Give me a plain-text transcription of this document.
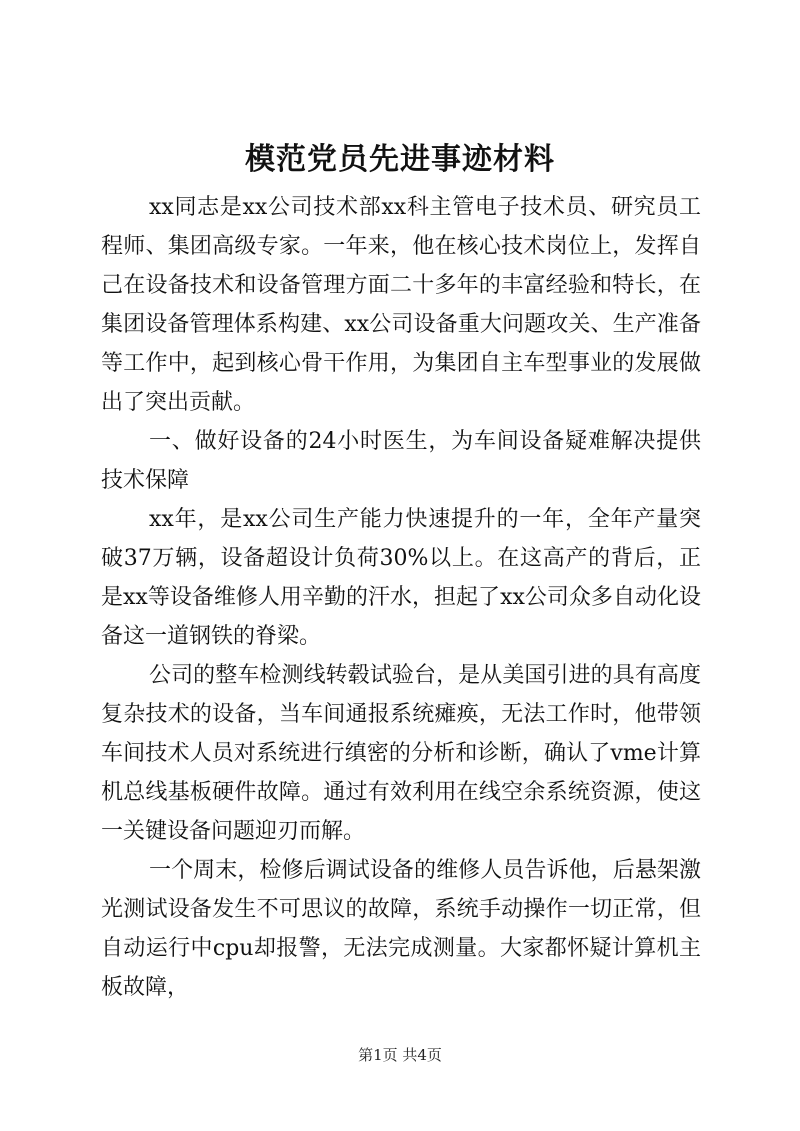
模范党员先进事迹材料

xx同志是xx公司技术部xx科主管电子技术员、研究员工程师、集团高级专家。一年来，他在核心技术岗位上，发挥自己在设备技术和设备管理方面二十多年的丰富经验和特长，在集团设备管理体系构建、xx公司设备重大问题攻关、生产准备等工作中，起到核心骨干作用，为集团自主车型事业的发展做出了突出贡献。

一、做好设备的24小时医生，为车间设备疑难解决提供技术保障

xx年，是xx公司生产能力快速提升的一年，全年产量突破37万辆，设备超设计负荷30%以上。在这高产的背后，正是xx等设备维修人用辛勤的汗水，担起了xx公司众多自动化设备这一道钢铁的脊梁。

公司的整车检测线转毂试验台，是从美国引进的具有高度复杂技术的设备，当车间通报系统瘫痪，无法工作时，他带领车间技术人员对系统进行缜密的分析和诊断，确认了vme计算机总线基板硬件故障。通过有效利用在线空余系统资源，使这一关键设备问题迎刃而解。

一个周末，检修后调试设备的维修人员告诉他，后悬架激光测试设备发生不可思议的故障，系统手动操作一切正常，但自动运行中cpu却报警，无法完成测量。大家都怀疑计算机主板故障，

第1页 共4页
